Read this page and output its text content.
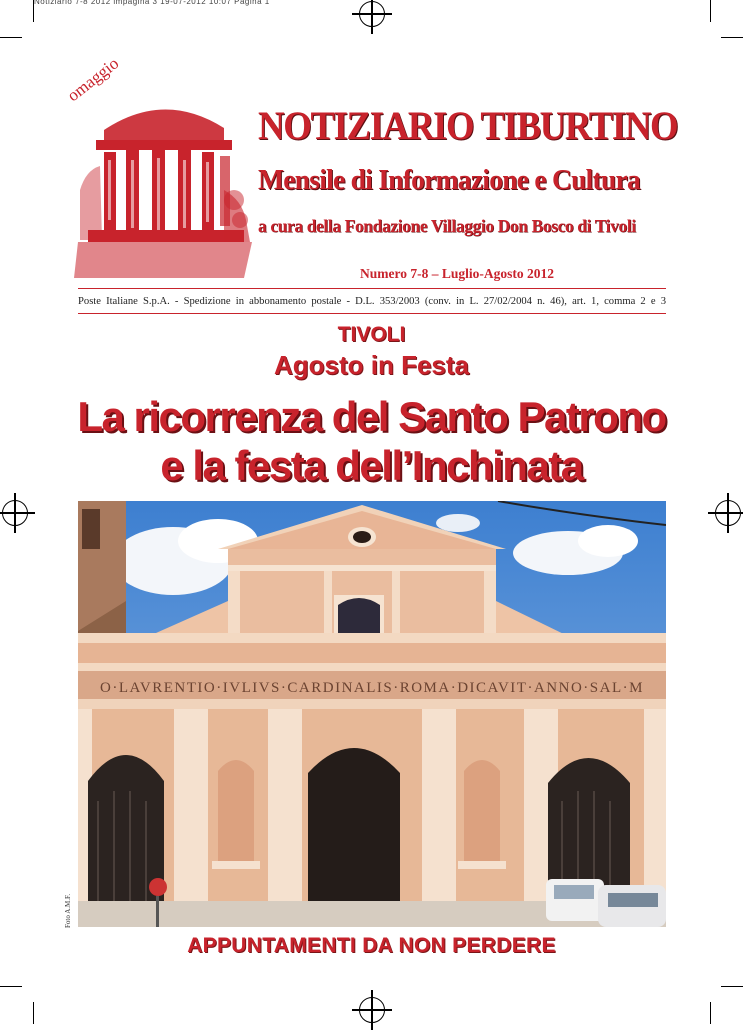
Notiziario 7-8 2012 impagina 3 19-07-2012 10:07 Pagina 1
omaggio
NOTIZIARIO TIBURTINO
Mensile di Informazione e Cultura
a cura della Fondazione Villaggio Don Bosco di Tivoli
Numero 7-8 – Luglio-Agosto 2012
Poste Italiane S.p.A. - Spedizione in abbonamento postale - D.L. 353/2003 (conv. in L. 27/02/2004 n. 46), art. 1, comma 2 e 3
TIVOLI
Agosto in Festa
La ricorrenza del Santo Patrono
e la festa dell’Inchinata
O·LAVRENTIO·IVLIVS·CARDINALIS·ROMA·DICAVIT·ANNO·SAL·M
Foto A.M.F.
APPUNTAMENTI DA NON PERDERE
